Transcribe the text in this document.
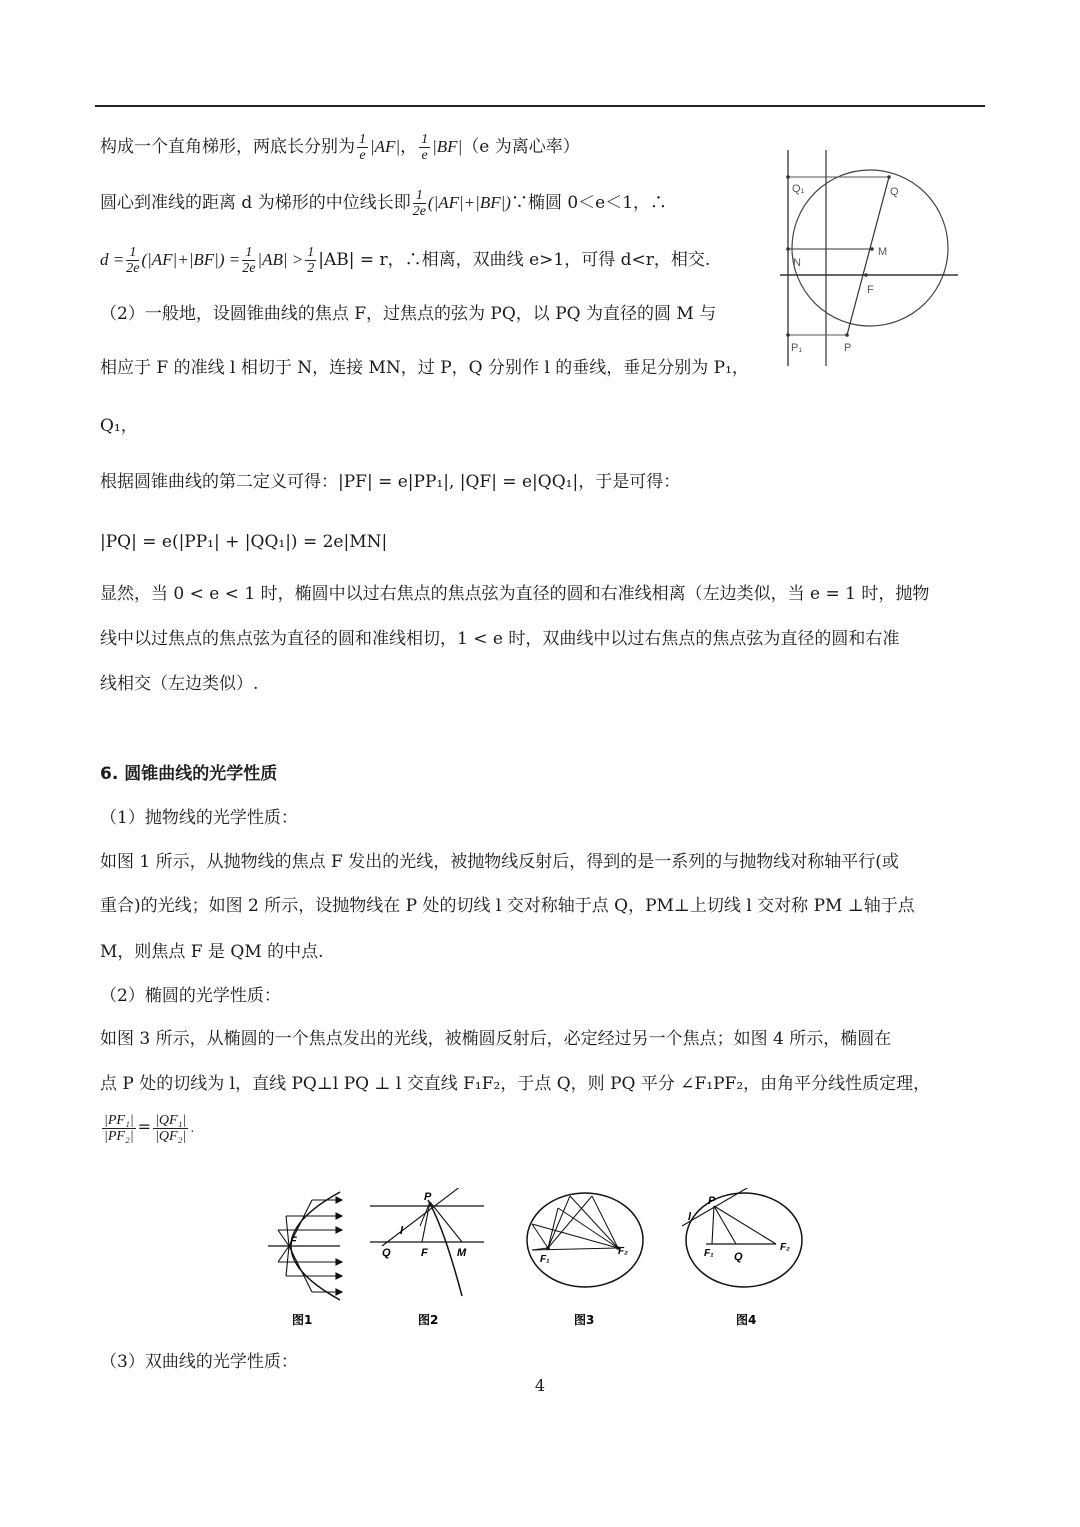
构成一个直角梯形，两底长分别为 $\frac{1}{e} |AF|$， $\frac{1}{e} |BF|(e$ 为离心率）
圆心到准线的距离 d 为梯形的中位线长即 $\frac{1}{2e}$ (|AF|+|BF|)∵椭圆 0＜e＜1，∴
$d = \frac{1}{2e} (|AF|+|BF|) = \frac{1}{2e} |AB| > \frac{1}{2} |AB| = r$，∴相离，双曲线 e>1，可得 d<r，相交.
（2）一般地，设圆锥曲线的焦点 F，过焦点的弦为 PQ，以 PQ 为直径的圆 M 与
相应于 F 的准线 l 相切于 N，连接 MN，过 P，Q 分别作 l 的垂线，垂足分别为 P₁，
Q₁，
根据圆锥曲线的第二定义可得：|PF| = e|PP₁|, |QF| = e|QQ₁|，于是可得：
|PQ| = e(|PP₁| + |QQ₁|) = 2e|MN|
显然，当 0 < e < 1 时，椭圆中以过右焦点的焦点弦为直径的圆和右准线相离（左边类似，当 e = 1 时，抛物
线中以过焦点的焦点弦为直径的圆和准线相切，1 < e 时，双曲线中以过右焦点的焦点弦为直径的圆和右准
线相交（左边类似）.
Q₁	Q
M
N
F
P₁	P
6. 圆锥曲线的光学性质
（1）抛物线的光学性质：
如图 1 所示，从抛物线的焦点 F 发出的光线，被抛物线反射后，得到的是一系列的与抛物线对称轴平行(或
重合)的光线；如图 2 所示，设抛物线在 P 处的切线 l 交对称轴于点 Q，PM⊥上切线 l 交对称 PM ⊥轴于点
M，则焦点 F 是 QM 的中点.
（2）椭圆的光学性质：
如图 3 所示，从椭圆的一个焦点发出的光线，被椭圆反射后，必定经过另一个焦点；如图 4 所示，椭圆在
点 P 处的切线为 l，直线 PQ⊥l PQ ⊥ l 交直线 F₁F₂，于点 Q，则 PQ 平分 ∠F₁PF₂，由角平分线性质定理，
$\frac{\text{|PF₁|}}{\text{|PF₂|}} = \frac{\text{|QF₁|}}{\text{|QF₂|}}$ .
F
图1
P
l
Q	F	M
图2
F₁
F₂
图3
P
l
F₁ Q
F₂
图4
（3）双曲线的光学性质：
4
